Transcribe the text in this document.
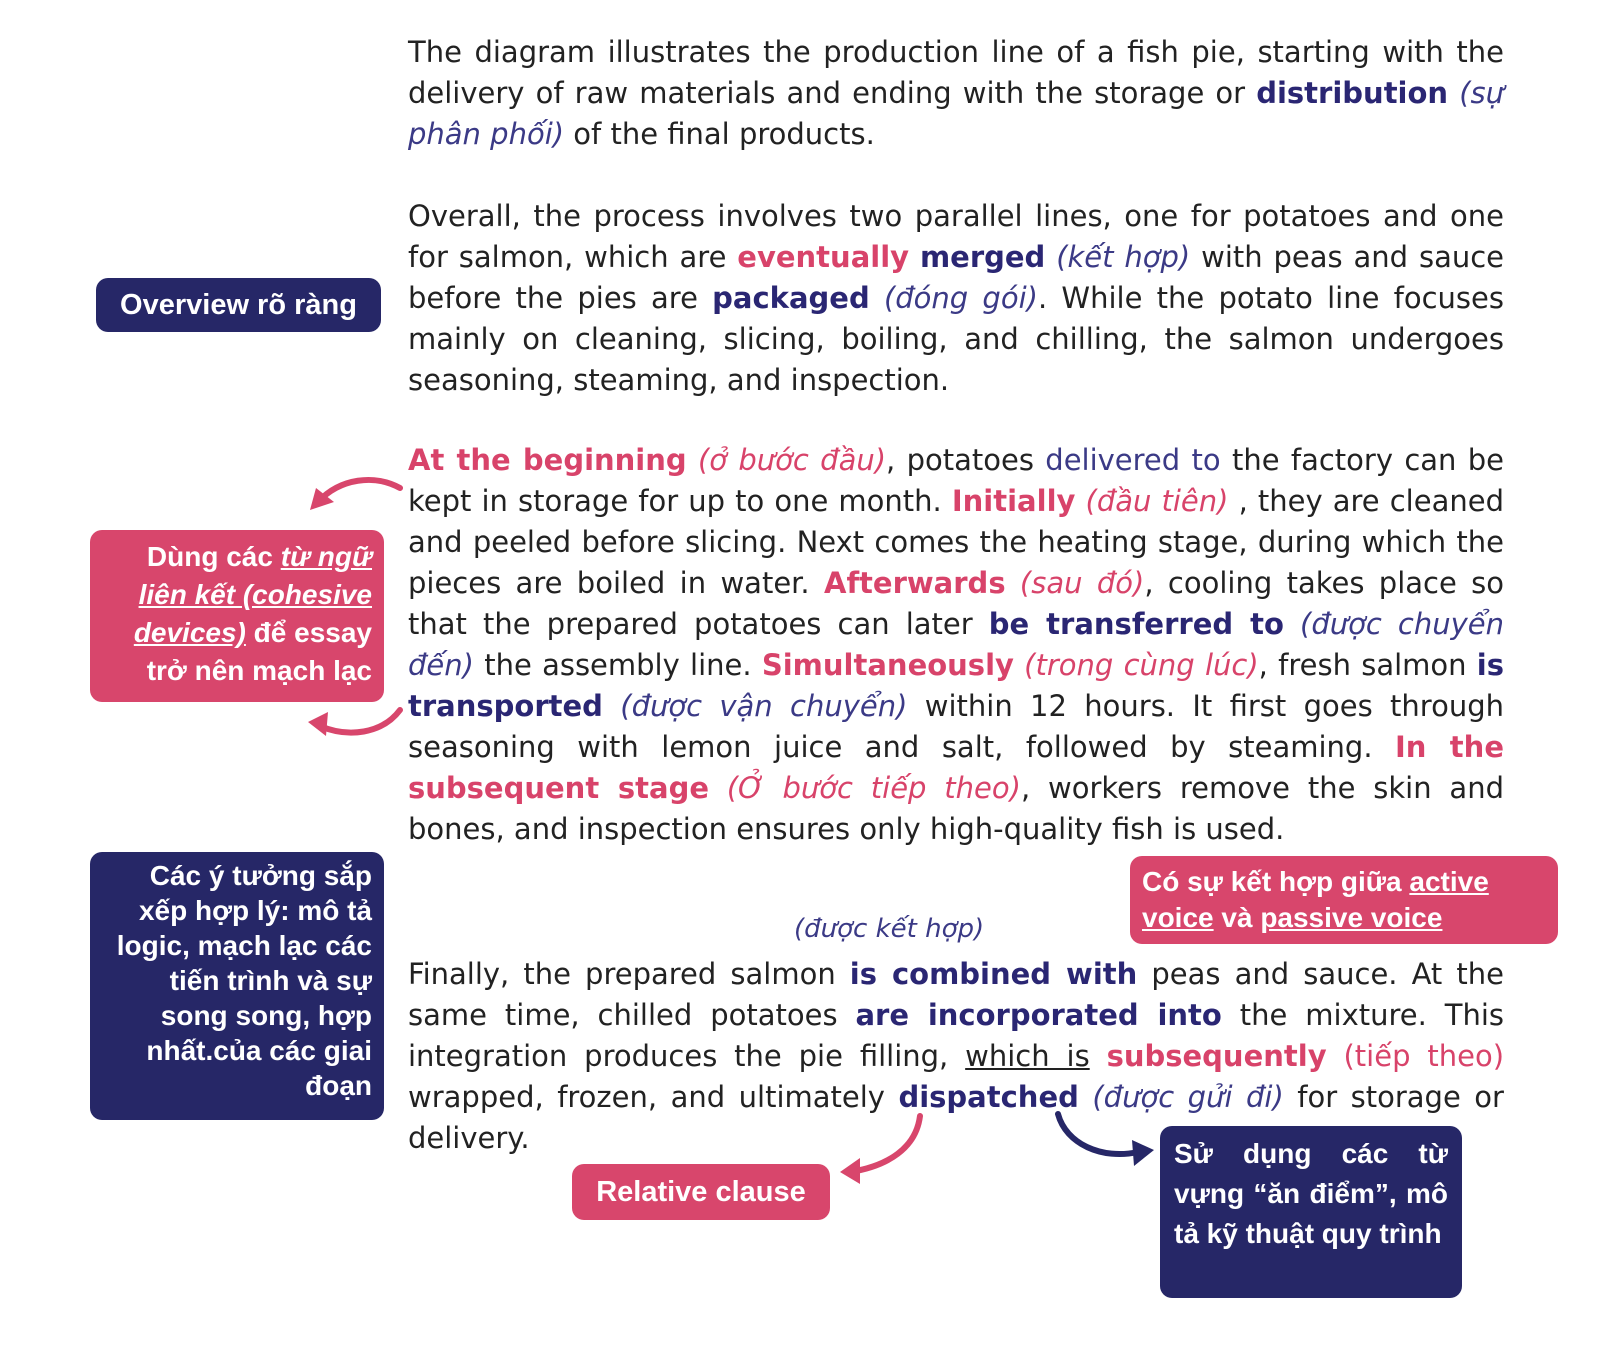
The diagram illustrates the production line of a fish pie, starting with the delivery of raw materials and ending with the storage or distribution (sự phân phối) of the final products.
Overall, the process involves two parallel lines, one for potatoes and one for salmon, which are eventually merged (kết hợp) with peas and sauce before the pies are packaged (đóng gói). While the potato line focuses mainly on cleaning, slicing, boiling, and chilling, the salmon undergoes seasoning, steaming, and inspection.
At the beginning (ở bước đầu), potatoes delivered to the factory can be kept in storage for up to one month. Initially (đầu tiên) , they are cleaned and peeled before slicing. Next comes the heating stage, during which the pieces are boiled in water. Afterwards (sau đó), cooling takes place so that the prepared potatoes can later be transferred to (được chuyển đến) the assembly line. Simultaneously (trong cùng lúc), fresh salmon is transported (được vận chuyển) within 12 hours. It first goes through seasoning with lemon juice and salt, followed by steaming. In the subsequent stage (Ở bước tiếp theo), workers remove the skin and bones, and inspection ensures only high-quality fish is used.
(được kết hợp)
Finally, the prepared salmon is combined with peas and sauce. At the same time, chilled potatoes are incorporated into the mixture. This integration produces the pie filling, which is subsequently (tiếp theo) wrapped, frozen, and ultimately dispatched (được gửi đi) for storage or delivery.
Overview rõ ràng
Dùng các từ ngữ liên kết (cohesive devices) để essay trở nên mạch lạc
Các ý tưởng sắp xếp hợp lý: mô tả logic, mạch lạc các tiến trình và sự song song, hợp nhất.của các giai đoạn
Có sự kết hợp giữa active voice và passive voice
Relative clause
Sử dụng các từ vựng “ăn điểm”, mô tả kỹ thuật quy trình
